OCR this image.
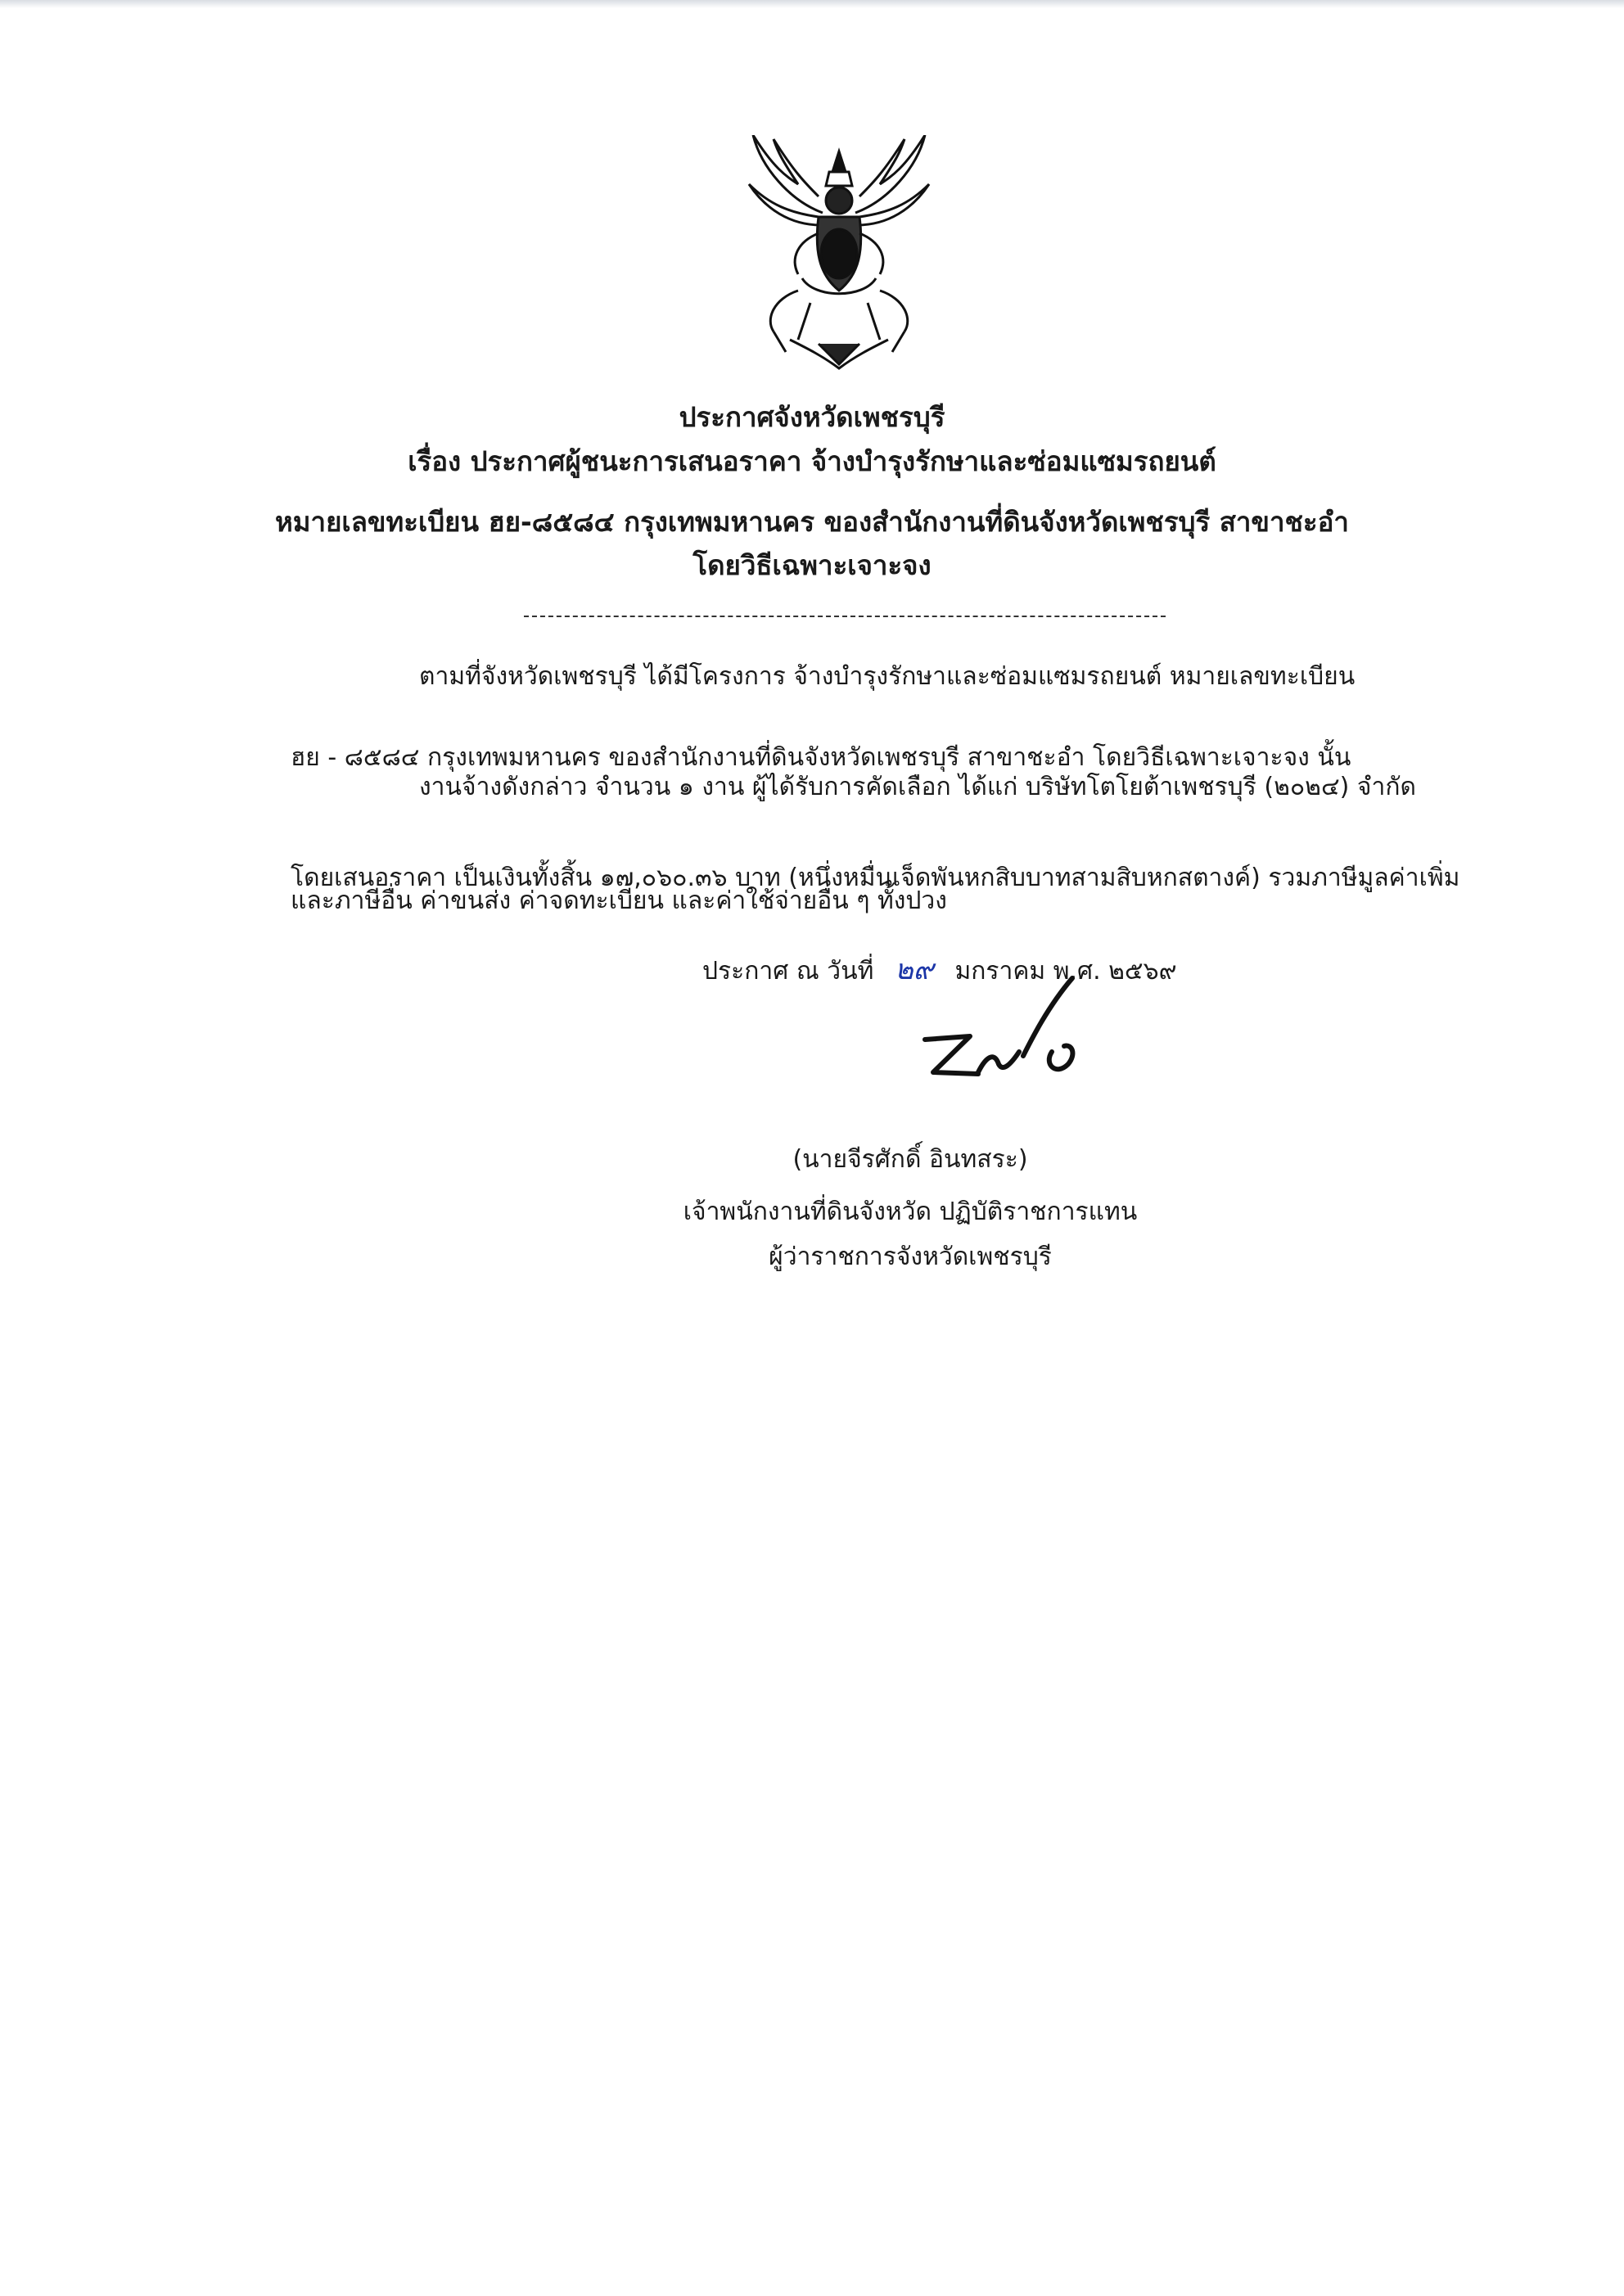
ประกาศจังหวัดเพชรบุรี
เรื่อง ประกาศผู้ชนะการเสนอราคา จ้างบำรุงรักษาและซ่อมแซมรถยนต์
หมายเลขทะเบียน ฮย-๘๕๘๔ กรุงเทพมหานคร ของสำนักงานที่ดินจังหวัดเพชรบุรี สาขาชะอำ
โดยวิธีเฉพาะเจาะจง
ตามที่จังหวัดเพชรบุรี ได้มีโครงการ จ้างบำรุงรักษาและซ่อมแซมรถยนต์ หมายเลขทะเบียน
ฮย - ๘๕๘๔ กรุงเทพมหานคร ของสำนักงานที่ดินจังหวัดเพชรบุรี สาขาชะอำ โดยวิธีเฉพาะเจาะจง นั้น
งานจ้างดังกล่าว จำนวน ๑ งาน ผู้ได้รับการคัดเลือก ได้แก่ บริษัทโตโยต้าเพชรบุรี (๒๐๒๔) จำกัด
โดยเสนอราคา เป็นเงินทั้งสิ้น ๑๗,๐๖๐.๓๖ บาท (หนึ่งหมื่นเจ็ดพันหกสิบบาทสามสิบหกสตางค์) รวมภาษีมูลค่าเพิ่ม
และภาษีอื่น ค่าขนส่ง ค่าจดทะเบียน และค่าใช้จ่ายอื่น ๆ ทั้งปวง
ประกาศ ณ วันที่ ๒๙ มกราคม พ.ศ. ๒๕๖๙
(นายจีรศักดิ์ อินทสระ)
เจ้าพนักงานที่ดินจังหวัด ปฏิบัติราชการแทน
ผู้ว่าราชการจังหวัดเพชรบุรี
